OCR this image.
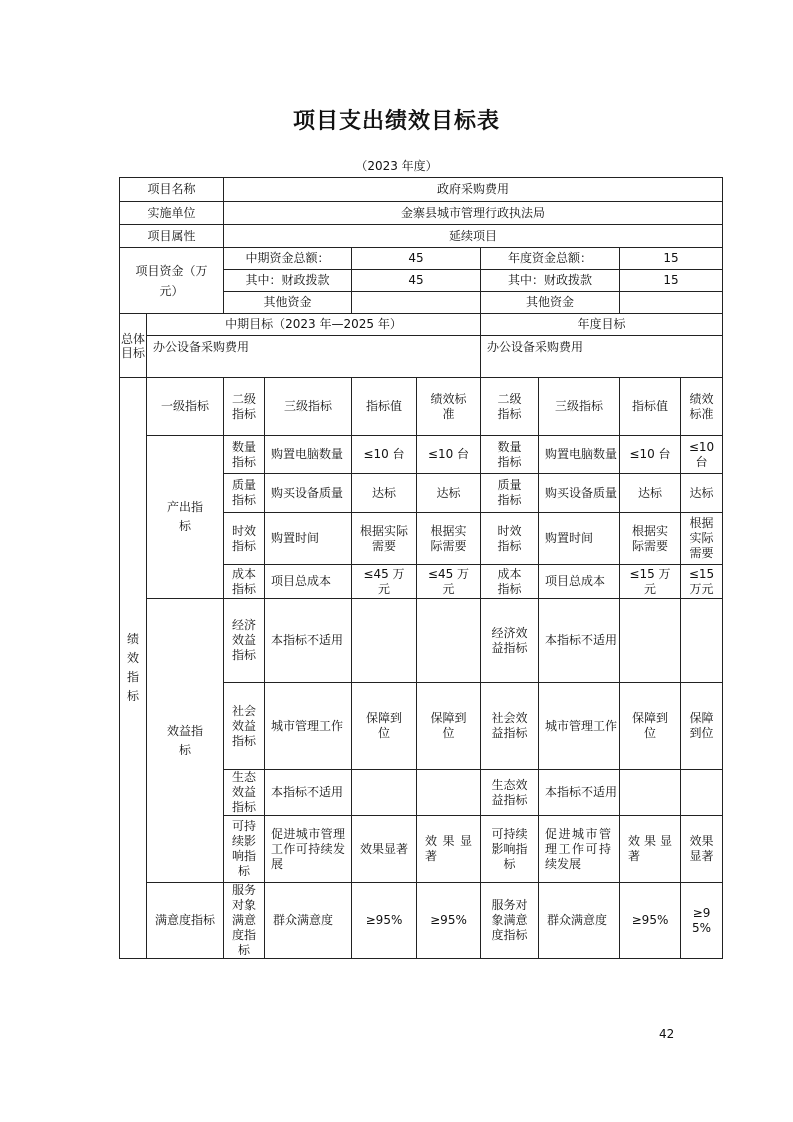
项目支出绩效目标表
（2023 年度）
项目名称		政府采购费用							
实施单位		金寨县城市管理行政执法局							
项目属性		延续项目							
项目资金（万元）		中期资金总额：		45		年度资金总额：		15	
		其中：财政拨款		45		其中：财政拨款		15	
		其他资金				其他资金			
总体目标	中期目标（2023 年—2025 年）					年度目标			
	办公设备采购费用					办公设备采购费用			
绩效指标	一级指标	二级指标	三级指标	指标值	绩效标准	二级指标	三级指标	指标值	绩效标准
	产出指标	数量指标	购置电脑数量	≤10 台	≤10 台	数量指标	购置电脑数量	≤10 台	≤10台
		质量指标	购买设备质量	达标	达标	质量指标	购买设备质量	达标	达标
		时效指标	购置时间	根据实际需要	根据实际需要	时效指标	购置时间	根据实际需要	根据实际需要
		成本指标	项目总成本	≤45 万元	≤45 万元	成本指标	项目总成本	≤15 万元	≤15 万元
	效益指标	经济效益指标	本指标不适用			经济效益指标	本指标不适用		
		社会效益指标	城市管理工作	保障到位	保障到位	社会效益指标	城市管理工作	保障到位	保障到位
		生态效益指标	本指标不适用			生态效益指标	本指标不适用		
		可持续影响指标	促进城市管理工作可持续发展	效果显著	效果显著	可持续影响指标	促进城市管理工作可持续发展	效果显著	效果显著
	满意度指标	服务对象满意度指标	群众满意度	≥95%	≥95%	服务对象满意度指标	群众满意度	≥95%	≥95%
42
